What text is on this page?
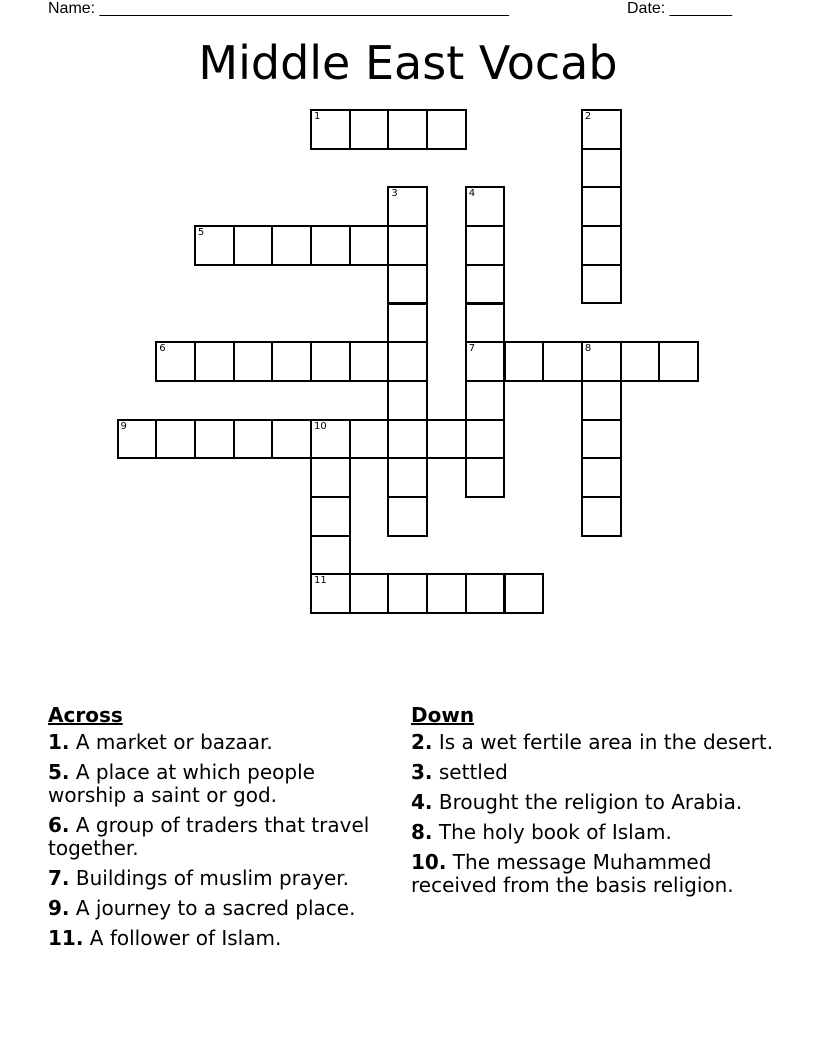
Name: ______________________________________________	Date: _______
Middle East Vocab
1	2
3	4
7
5
6	8
9	10
11
Across
1. A market or bazaar.
5. A place at which people worship a saint or god.
6. A group of traders that travel together.
7. Buildings of muslim prayer.
9. A journey to a sacred place.
11. A follower of Islam.
Down
2. Is a wet fertile area in the desert.
3. settled
4. Brought the religion to Arabia.
8. The holy book of Islam.
10. The message Muhammed received from the basis religion.
